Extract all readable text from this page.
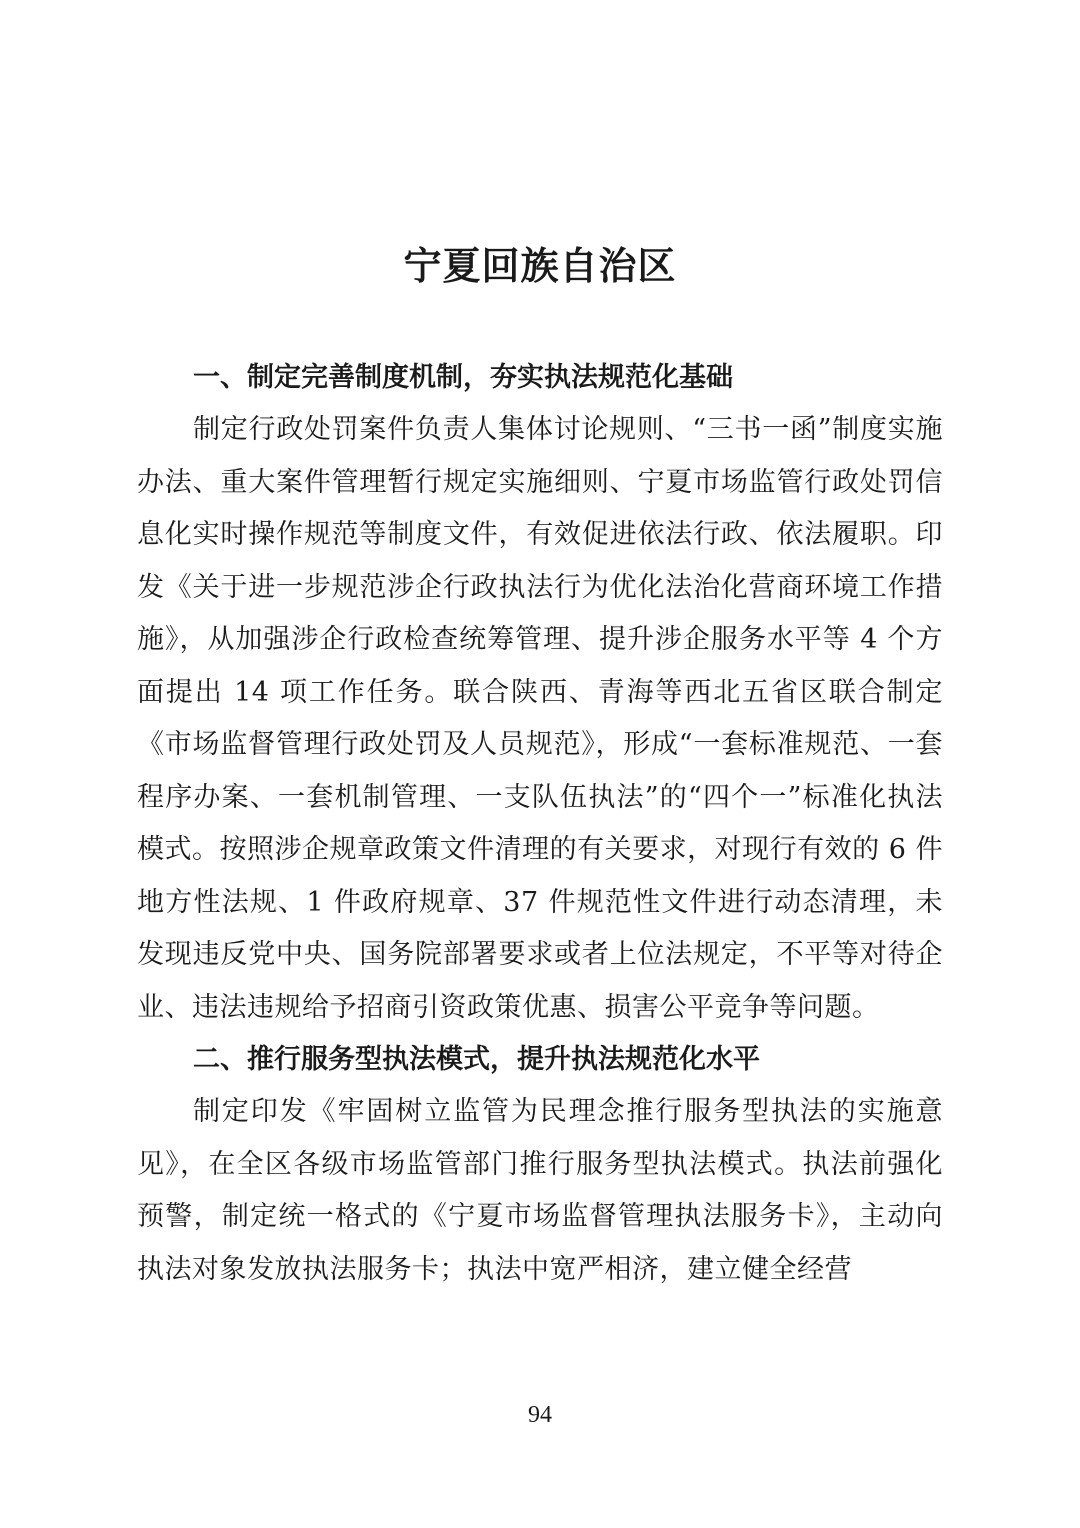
宁夏回族自治区

一、制定完善制度机制，夯实执法规范化基础

制定行政处罚案件负责人集体讨论规则、“三书一函”制度实施办法、重大案件管理暂行规定实施细则、宁夏市场监管行政处罚信息化实时操作规范等制度文件，有效促进依法行政、依法履职。印发《关于进一步规范涉企行政执法行为优化法治化营商环境工作措施》，从加强涉企行政检查统筹管理、提升涉企服务水平等 4 个方面提出 14 项工作任务。联合陕西、青海等西北五省区联合制定《市场监督管理行政处罚及人员规范》，形成“一套标准规范、一套程序办案、一套机制管理、一支队伍执法”的“四个一”标准化执法模式。按照涉企规章政策文件清理的有关要求，对现行有效的 6 件地方性法规、1 件政府规章、37 件规范性文件进行动态清理，未发现违反党中央、国务院部署要求或者上位法规定，不平等对待企业、违法违规给予招商引资政策优惠、损害公平竞争等问题。

二、推行服务型执法模式，提升执法规范化水平

制定印发《牢固树立监管为民理念推行服务型执法的实施意见》，在全区各级市场监管部门推行服务型执法模式。执法前强化预警，制定统一格式的《宁夏市场监督管理执法服务卡》，主动向执法对象发放执法服务卡；执法中宽严相济，建立健全经营

94
